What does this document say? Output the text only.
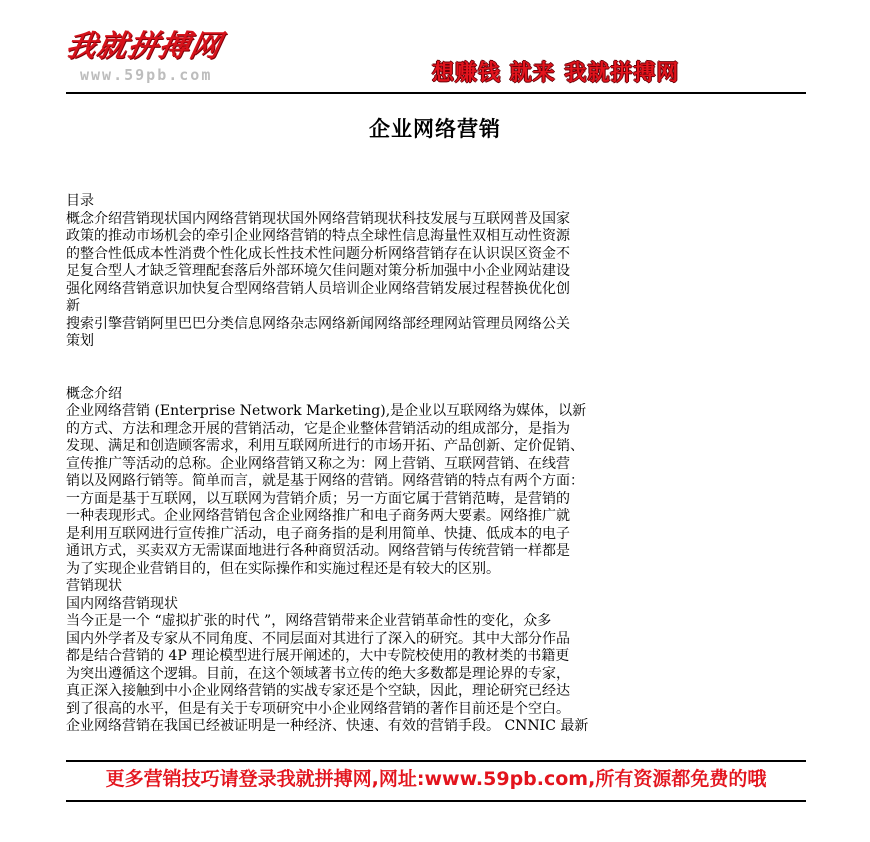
我就拼搏网
www.59pb.com	想赚钱 就来 我就拼搏网
企业网络营销
目录
概念介绍营销现状国内网络营销现状国外网络营销现状科技发展与互联网普及国家
政策的推动市场机会的牵引企业网络营销的特点全球性信息海量性双相互动性资源
的整合性低成本性消费个性化成长性技术性问题分析网络营销存在认识误区资金不
足复合型人才缺乏管理配套落后外部环境欠佳问题对策分析加强中小企业网站建设
强化网络营销意识加快复合型网络营销人员培训企业网络营销发展过程替换优化创
新
搜索引擎营销阿里巴巴分类信息网络杂志网络新闻网络部经理网站管理员网络公关
策划
概念介绍
企业网络营销 (Enterprise Network Marketing),是企业以互联网络为媒体，以新
的方式、方法和理念开展的营销活动，它是企业整体营销活动的组成部分，是指为
发现、满足和创造顾客需求，利用互联网所进行的市场开拓、产品创新、定价促销、
宣传推广等活动的总称。企业网络营销又称之为：网上营销、互联网营销、在线营
销以及网路行销等。简单而言，就是基于网络的营销。网络营销的特点有两个方面：
一方面是基于互联网，以互联网为营销介质；另一方面它属于营销范畴，是营销的
一种表现形式。企业网络营销包含企业网络推广和电子商务两大要素。网络推广就
是利用互联网进行宣传推广活动，电子商务指的是利用简单、快捷、低成本的电子
通讯方式，买卖双方无需谋面地进行各种商贸活动。网络营销与传统营销一样都是
为了实现企业营销目的，但在实际操作和实施过程还是有较大的区别。
营销现状
国内网络营销现状
当今正是一个 “虚拟扩张的时代 ”，网络营销带来企业营销革命性的变化，众多
国内外学者及专家从不同角度、不同层面对其进行了深入的研究。其中大部分作品
都是结合营销的 4P 理论模型进行展开阐述的，大中专院校使用的教材类的书籍更
为突出遵循这个逻辑。目前，在这个领域著书立传的绝大多数都是理论界的专家，
真正深入接触到中小企业网络营销的实战专家还是个空缺，因此，理论研究已经达
到了很高的水平，但是有关于专项研究中小企业网络营销的著作目前还是个空白。
企业网络营销在我国已经被证明是一种经济、快速、有效的营销手段。 CNNIC 最新
更多营销技巧请登录我就拼搏网,网址:www.59pb.com,所有资源都免费的哦
